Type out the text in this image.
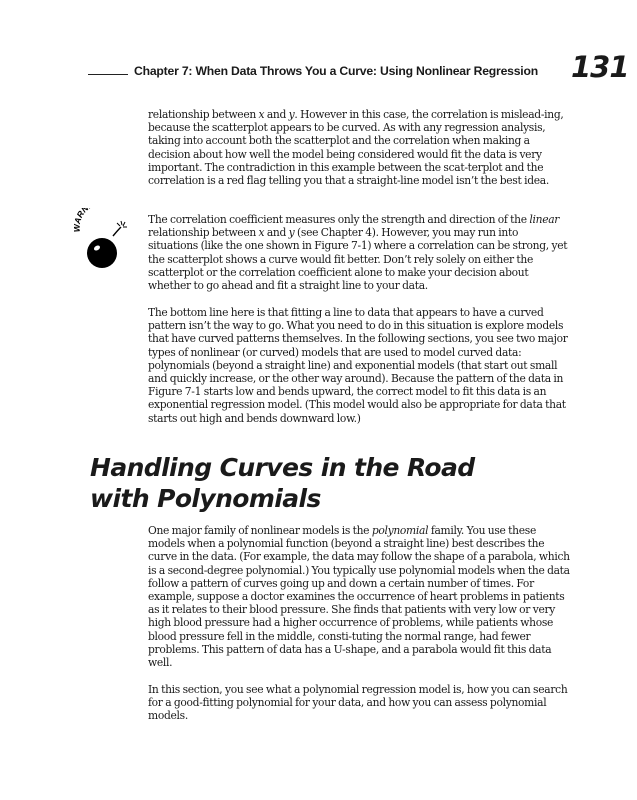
Chapter 7: When Data Throws You a Curve: Using Nonlinear Regression	131

relationship between x and y. However in this case, the correlation is mislead-ing, because the scatterplot appears to be curved. As with any regression analysis, taking into account both the scatterplot and the correlation when making a decision about how well the model being considered would fit the data is very important. The contradiction in this example between the scat-terplot and the correlation is a red flag telling you that a straight-line model isn’t the best idea.

RN

The correlation coefficient measures only the strength and direction of the linear relationship between x and y (see Chapter 4). However, you may run into situations (like the one shown in Figure 7-1) where a correlation can be strong, yet the scatterplot shows a curve would fit better. Don’t rely solely on either the scatterplot or the correlation coefficient alone to make your decision about whether to go ahead and fit a straight line to your data.

The bottom line here is that fitting a line to data that appears to have a curved pattern isn’t the way to go. What you need to do in this situation is explore models that have curved patterns themselves. In the following sections, you see two major types of nonlinear (or curved) models that are used to model curved data: polynomials (beyond a straight line) and exponential models (that start out small and quickly increase, or the other way around). Because the pattern of the data in Figure 7-1 starts low and bends upward, the correct model to fit this data is an exponential regression model. (This model would also be appropriate for data that starts out high and bends downward low.)

Handling Curves in the Road
with Polynomials

One major family of nonlinear models is the polynomial family. You use these models when a polynomial function (beyond a straight line) best describes the curve in the data. (For example, the data may follow the shape of a parabola, which is a second-degree polynomial.) You typically use polynomial models when the data follow a pattern of curves going up and down a certain number of times. For example, suppose a doctor examines the occurrence of heart problems in patients as it relates to their blood pressure. She finds that patients with very low or very high blood pressure had a higher occurrence of problems, while patients whose blood pressure fell in the middle, consti-tuting the normal range, had fewer problems. This pattern of data has a U-shape, and a parabola would fit this data well.

In this section, you see what a polynomial regression model is, how you can search for a good-fitting polynomial for your data, and how you can assess polynomial models.
